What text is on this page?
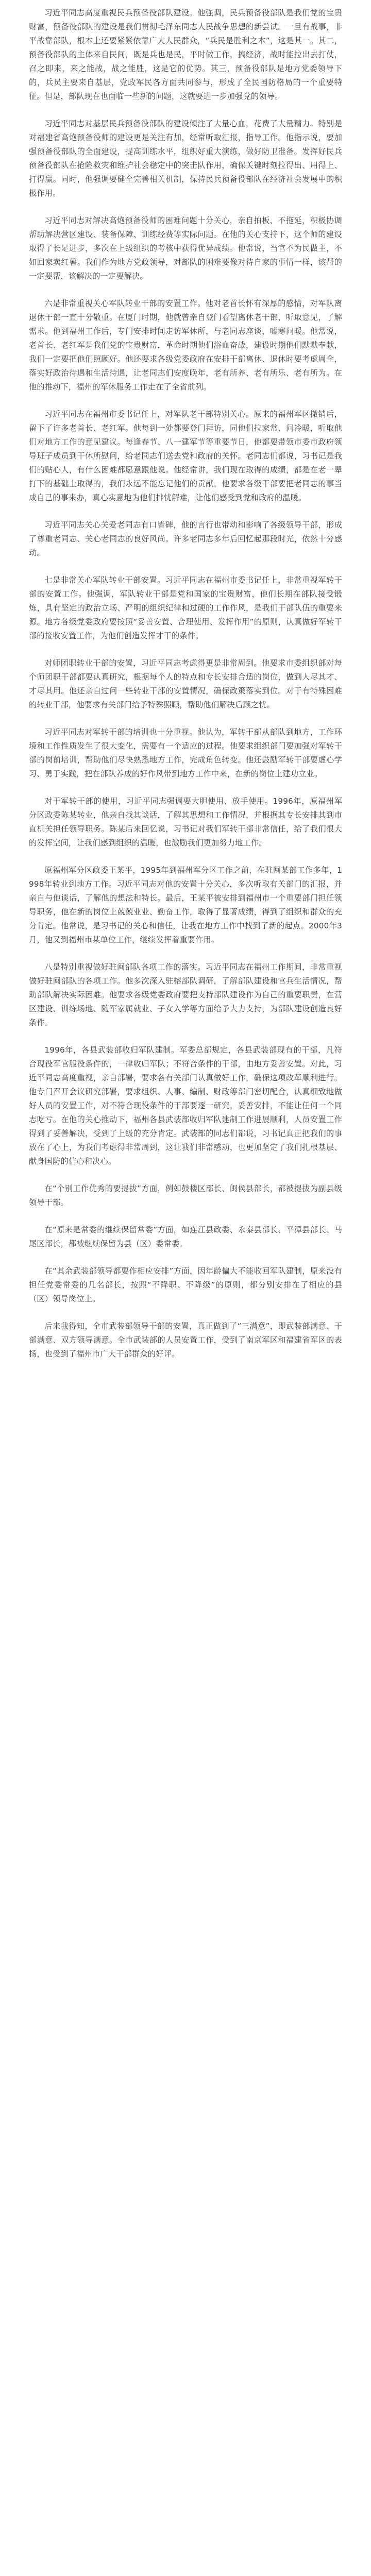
习近平同志高度重视民兵预备役部队建设。他强调，民兵预备役部队是我们党的宝贵财富，预备役部队的建设是我们贯彻毛泽东同志人民战争思想的新尝试。一旦有战事，非平战靠部队，根本上还要紧紧依靠广大人民群众，“兵民是胜利之本”，这是其一。其二，预备役部队的主体来自民间，既是兵也是民，平时做工作，搞经济，战时能拉出去打仗，召之即来，来之能战，战之能胜，这是它的优势。其三，预备役部队是地方党委领导下的，兵员主要来自基层，党政军民各方面共同参与，形成了全民国防格局的一个重要特征。但是，部队现在也面临一些新的问题，这就要进一步加强党的领导。

习近平同志对基层民兵预备役部队的建设倾注了大量心血，花费了大量精力。特别是对福建省高炮预备役师的建设更是关注有加，经常听取汇报，指导工作。他指示说，要加强预备役部队的全面建设，提高训练水平，组织好重大演练，做好防卫准备。发挥好民兵预备役部队在抢险救灾和维护社会稳定中的突击队作用，确保关键时刻拉得出、用得上、打得赢。同时，他强调要健全完善相关机制，保持民兵预备役部队在经济社会发展中的积极作用。

习近平同志对解决高炮预备役师的困难问题十分关心，亲自拍板、不拖延，积极协调帮助解决营区建设、装备保障、训练经费等实际问题。在他的关心支持下，这个师的建设取得了长足进步，多次在上级组织的考核中获得优异成绩。他常说，当官不为民做主，不如回家卖红薯。我们作为地方党政领导，对部队的困难要像对待自家的事情一样，该帮的一定要帮，该解决的一定要解决。

六是非常重视关心军队转业干部的安置工作。他对老首长怀有深厚的感情，对军队离退休干部一直十分敬重。在厦门时期，他就曾亲自登门看望离休老干部，听取意见，了解需求。他到福州工作后，专门安排时间走访军休所，与老同志座谈，嘘寒问暖。他常说，老首长、老红军是我们党的宝贵财富，革命时期他们浴血奋战，建设时期他们默默奉献，我们一定要把他们照顾好。他还要求各级党委政府在安排干部离休、退休时要考虑周全，落实好政治待遇和生活待遇，让老同志们安度晚年，老有所养、老有所乐、老有所为。在他的推动下，福州的军休服务工作走在了全省前列。

习近平同志在福州市委书记任上，对军队老干部特别关心。原来的福州军区撤销后，留下了许多老首长、老红军。他每到一处都要登门拜访，同他们拉家常、问冷暖，听取他们对地方工作的意见建议。每逢春节、八一建军节等重要节日，他都要带领市委市政府领导班子成员到干休所慰问，给老同志们送去党和政府的关怀。老同志们都说，习书记是我们的贴心人，有什么困难都愿意跟他说。他经常讲，我们现在取得的成绩，都是在老一辈打下的基础上取得的，我们永远不能忘记他们的贡献。他要求各级干部要把老同志的事当成自己的事来办，真心实意地为他们排忧解难，让他们感受到党和政府的温暖。

习近平同志关心关爱老同志有口皆碑，他的言行也带动和影响了各级领导干部，形成了尊重老同志、关心老同志的良好风尚。许多老同志多年后回忆起那段时光，依然十分感动。

七是非常关心军队转业干部安置。习近平同志在福州市委书记任上，非常重视军转干部的安置工作。他强调，军队转业干部是党和国家的宝贵财富，他们长期在部队接受锻炼，具有坚定的政治立场、严明的组织纪律和过硬的工作作风，是我们干部队伍的重要来源。地方各级党委政府要按照“妥善安置、合理使用、发挥作用”的原则，认真做好军转干部的接收安置工作，为他们创造发挥才干的条件。

对师团职转业干部的安置，习近平同志考虑得更是非常周到。他要求市委组织部对每个师团职干部都要认真研究，根据每个人的特点和专长安排合适的岗位，做到人尽其才、才尽其用。他还亲自过问一些转业干部的安置情况，确保政策落实到位。对于有特殊困难的转业干部，他要求有关部门给予特殊照顾，帮助他们解决后顾之忧。

习近平同志对军转干部的培训也十分重视。他认为，军转干部从部队到地方，工作环境和工作性质发生了很大变化，需要有一个适应的过程。他要求组织部门要加强对军转干部的岗前培训，帮助他们尽快熟悉地方工作，完成角色转变。他还鼓励军转干部要虚心学习、勇于实践，把在部队养成的好作风带到地方工作中来，在新的岗位上建功立业。

对于军转干部的使用，习近平同志强调要大胆使用、放手使用。1996年，原福州军分区政委陈某转业，他亲自找其谈话，了解其思想和工作情况，并根据其专长安排其到市直机关担任领导职务。陈某后来回忆说，习书记对我们军转干部非常信任，给了我们很大的发挥空间，让我们感到组织的温暖，也激励我们更加努力地工作。

原福州军分区政委王某平，1995年到福州军分区工作之前，在驻闽某部工作多年，1998年转业到地方工作。习近平同志对他的安置十分关心，多次听取有关部门的汇报，并亲自与他谈话，了解他的想法和特长。最后，王某平被安排到福州市一个重要部门担任领导职务，他在新的岗位上兢兢业业、勤奋工作，取得了显著成绩，得到了组织和群众的充分肯定。他常说，是习书记的关心和信任，让我在地方工作中找到了新的起点。2000年3月，他又到福州市某单位工作，继续发挥着重要作用。

八是特别重视做好驻闽部队各项工作的落实。习近平同志在福州工作期间，非常重视做好驻闽部队的各项工作。他多次深入驻榕部队调研，了解部队建设和官兵生活情况，帮助部队解决实际困难。他要求各级党委政府要把支持部队建设作为自己的重要职责，在营区建设、训练场地、随军家属就业、子女入学等方面给予大力支持，为部队建设创造良好条件。

1996年，各县武装部收归军队建制。军委总部规定，各县武装部现有的干部，凡符合现役军官服役条件的，一律收归军队；不符合条件的干部，由地方妥善安置。对此，习近平同志高度重视，亲自部署，要求各有关部门认真做好工作，确保这项改革顺利进行。他专门召开会议研究部署，要求组织、人事、编制、财政等部门密切配合，认真细致地做好人员的安置工作，对不符合现役条件的干部要逐一研究，妥善安排，不能让任何一个同志吃亏。在他的关心推动下，福州各县武装部收归军队建制工作进展顺利，人员安置工作得到了妥善解决，受到了上级的充分肯定。武装部的同志们都说，习书记真正把我们的事放在了心上，为我们考虑得非常周到，这让我们非常感动，也更加坚定了我们扎根基层、献身国防的信心和决心。

在“个别工作优秀的要提拔”方面，例如鼓楼区部长、闽侯县部长，都被提拔为副县级领导干部。

在“原来是常委的继续保留常委”方面，如连江县政委、永泰县部长、平潭县部长、马尾区部长，都被继续保留为县（区）委常委。

在“其余武装部领导都要作相应安排”方面，因年龄偏大不能收回军队建制，原来没有担任党委常委的几名部长，按照“不降职、不降级”的原则，都分别安排在了相应的县（区）领导岗位上。

后来我得知，全市武装部领导干部的安置，真正做到了“三满意”，即武装部满意、干部满意、双方领导满意。全市武装部的人员安置工作，受到了南京军区和福建省军区的表扬，也受到了福州市广大干部群众的好评。
